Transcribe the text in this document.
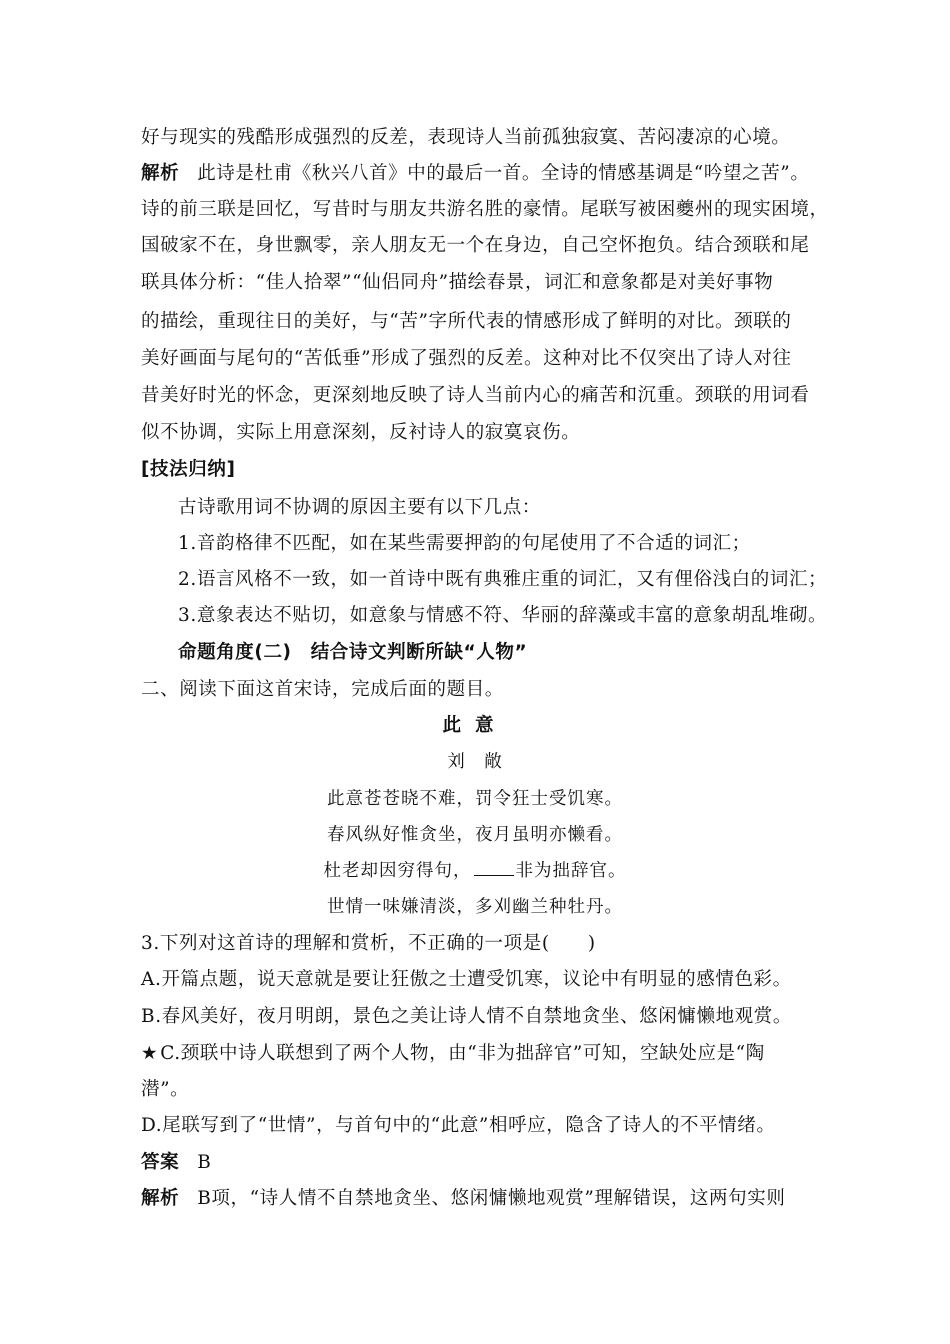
好与现实的残酷形成强烈的反差，表现诗人当前孤独寂寞、苦闷凄凉的心境。
解析 此诗是杜甫《秋兴八首》中的最后一首。全诗的情感基调是“吟望之苦”。
诗的前三联是回忆，写昔时与朋友共游名胜的豪情。尾联写被困夔州的现实困境，
国破家不在，身世飘零，亲人朋友无一个在身边，自己空怀抱负。结合颈联和尾
联具体分析：“佳人拾翠”“仙侣同舟”描绘春景，词汇和意象都是对美好事物
的描绘，重现往日的美好，与“苦”字所代表的情感形成了鲜明的对比。颈联的
美好画面与尾句的“苦低垂”形成了强烈的反差。这种对比不仅突出了诗人对往
昔美好时光的怀念，更深刻地反映了诗人当前内心的痛苦和沉重。颈联的用词看
似不协调，实际上用意深刻，反衬诗人的寂寞哀伤。
[技法归纳]
古诗歌用词不协调的原因主要有以下几点：
1.音韵格律不匹配，如在某些需要押韵的句尾使用了不合适的词汇；
2.语言风格不一致，如一首诗中既有典雅庄重的词汇，又有俚俗浅白的词汇；
3.意象表达不贴切，如意象与情感不符、华丽的辞藻或丰富的意象胡乱堆砌。
命题角度(二)　结合诗文判断所缺“人物”
二、阅读下面这首宋诗，完成后面的题目。
此意
刘　敞
此意苍苍晓不难，罚令狂士受饥寒。
春风纵好惟贪坐，夜月虽明亦懒看。
杜老却因穷得句，	非为拙辞官。
世情一味嫌清淡，多刈幽兰种牡丹。
3.下列对这首诗的理解和赏析，不正确的一项是(　　)
A.开篇点题，说天意就是要让狂傲之士遭受饥寒，议论中有明显的感情色彩。
B.春风美好，夜月明朗，景色之美让诗人情不自禁地贪坐、悠闲慵懒地观赏。
★ C.颈联中诗人联想到了两个人物，由“非为拙辞官”可知，空缺处应是“陶
潜”。
D.尾联写到了“世情”，与首句中的“此意”相呼应，隐含了诗人的不平情绪。
答案 B
解析 B项，“诗人情不自禁地贪坐、悠闲慵懒地观赏”理解错误，这两句实则
